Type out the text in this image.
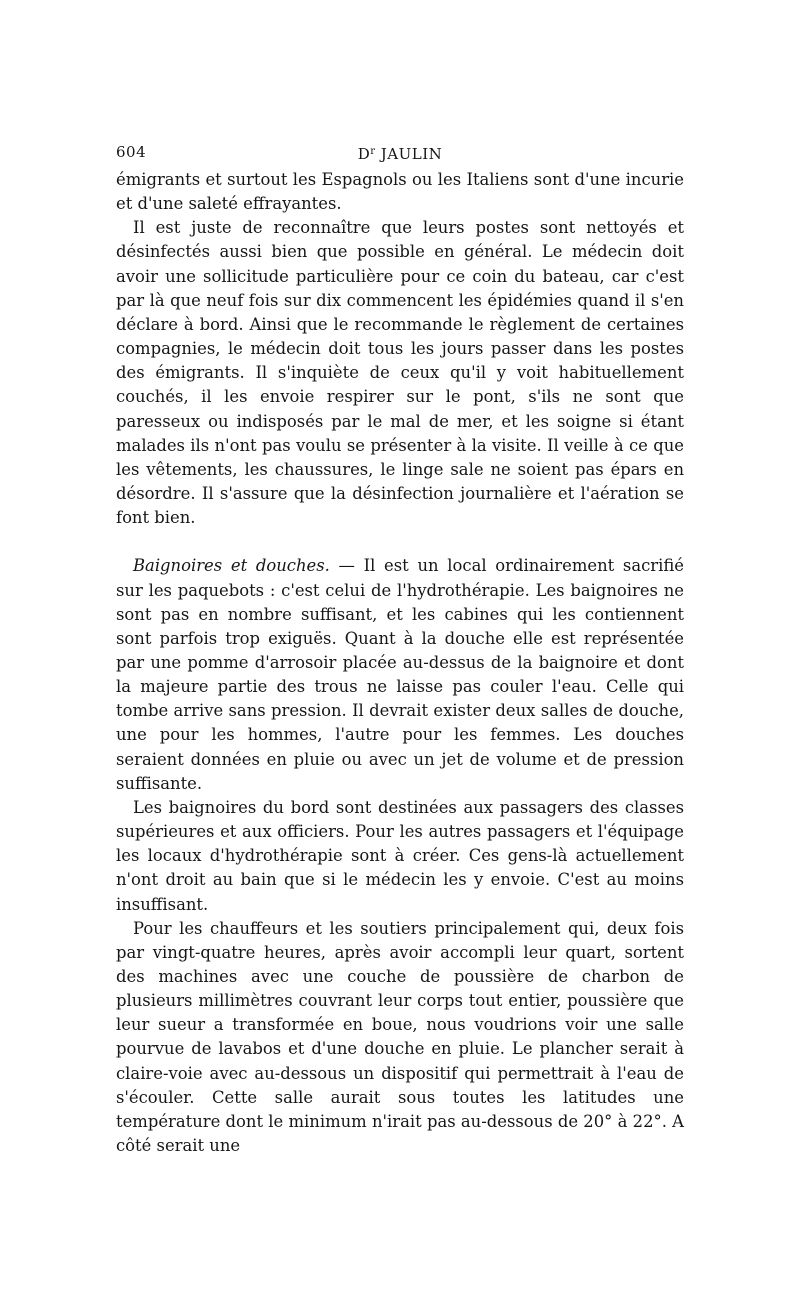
604	$D^r$ JAULIN

émigrants et surtout les Espagnols ou les Italiens sont d'une incurie et d'une saleté effrayantes.

Il est juste de reconnaître que leurs postes sont nettoyés et désinfectés aussi bien que possible en général. Le médecin doit avoir une sollicitude particulière pour ce coin du bateau, car c'est par là que neuf fois sur dix commencent les épidémies quand il s'en déclare à bord. Ainsi que le recommande le règlement de certaines compagnies, le médecin doit tous les jours passer dans les postes des émigrants. Il s'inquiète de ceux qu'il y voit habituellement couchés, il les envoie respirer sur le pont, s'ils ne sont que paresseux ou indisposés par le mal de mer, et les soigne si étant malades ils n'ont pas voulu se présenter à la visite. Il veille à ce que les vêtements, les chaussures, le linge sale ne soient pas épars en désordre. Il s'assure que la désinfection journalière et l'aération se font bien.

Baignoires et douches. — Il est un local ordinairement sacrifié sur les paquebots : c'est celui de l'hydrothérapie. Les baignoires ne sont pas en nombre suffisant, et les cabines qui les contiennent sont parfois trop exiguës. Quant à la douche elle est représentée par une pomme d'arrosoir placée au-dessus de la baignoire et dont la majeure partie des trous ne laisse pas couler l'eau. Celle qui tombe arrive sans pression. Il devrait exister deux salles de douche, une pour les hommes, l'autre pour les femmes. Les douches seraient données en pluie ou avec un jet de volume et de pression suffisante.

Les baignoires du bord sont destinées aux passagers des classes supérieures et aux officiers. Pour les autres passagers et l'équipage les locaux d'hydrothérapie sont à créer. Ces gens-là actuellement n'ont droit au bain que si le médecin les y envoie. C'est au moins insuffisant.

Pour les chauffeurs et les soutiers principalement qui, deux fois par vingt-quatre heures, après avoir accompli leur quart, sortent des machines avec une couche de poussière de charbon de plusieurs millimètres couvrant leur corps tout entier, poussière que leur sueur a transformée en boue, nous voudrions voir une salle pourvue de lavabos et d'une douche en pluie. Le plancher serait à claire-voie avec au-dessous un dispositif qui permettrait à l'eau de s'écouler. Cette salle aurait sous toutes les latitudes une température dont le minimum n'irait pas au-dessous de 20° à 22°. A côté serait une
